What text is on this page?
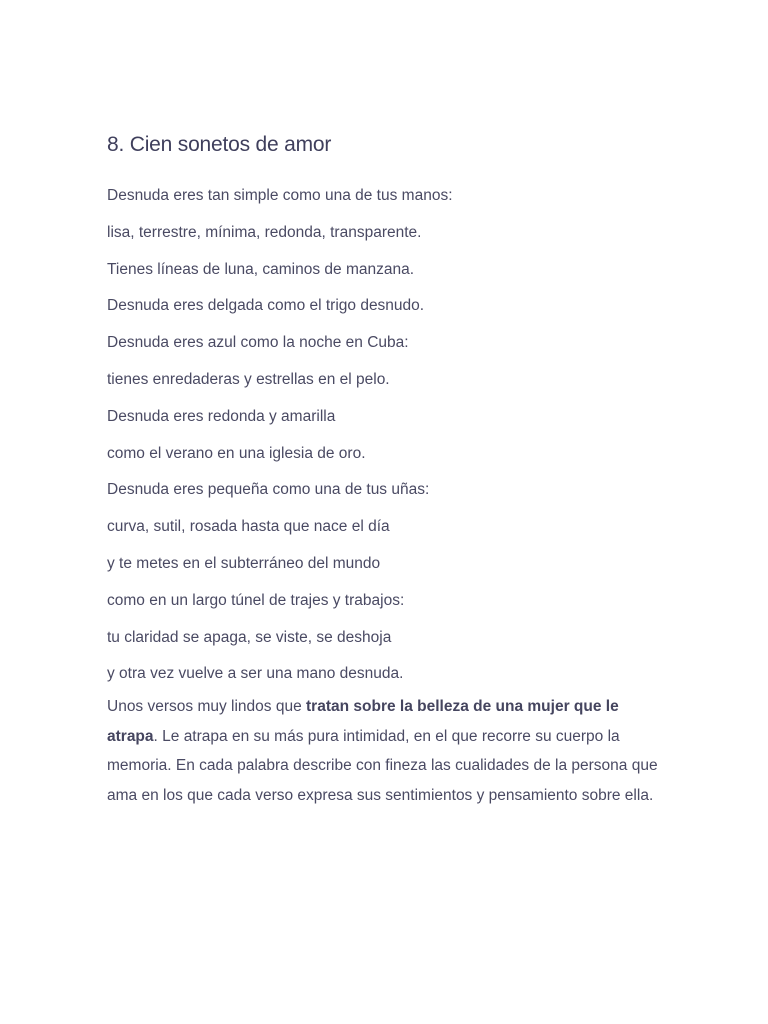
8. Cien sonetos de amor

Desnuda eres tan simple como una de tus manos:

lisa, terrestre, mínima, redonda, transparente.

Tienes líneas de luna, caminos de manzana.

Desnuda eres delgada como el trigo desnudo.

Desnuda eres azul como la noche en Cuba:

tienes enredaderas y estrellas en el pelo.

Desnuda eres redonda y amarilla

como el verano en una iglesia de oro.

Desnuda eres pequeña como una de tus uñas:

curva, sutil, rosada hasta que nace el día

y te metes en el subterráneo del mundo

como en un largo túnel de trajes y trabajos:

tu claridad se apaga, se viste, se deshoja

y otra vez vuelve a ser una mano desnuda.

Unos versos muy lindos que tratan sobre la belleza de una mujer que le atrapa. Le atrapa en su más pura intimidad, en el que recorre su cuerpo la memoria. En cada palabra describe con fineza las cualidades de la persona que ama en los que cada verso expresa sus sentimientos y pensamiento sobre ella.
